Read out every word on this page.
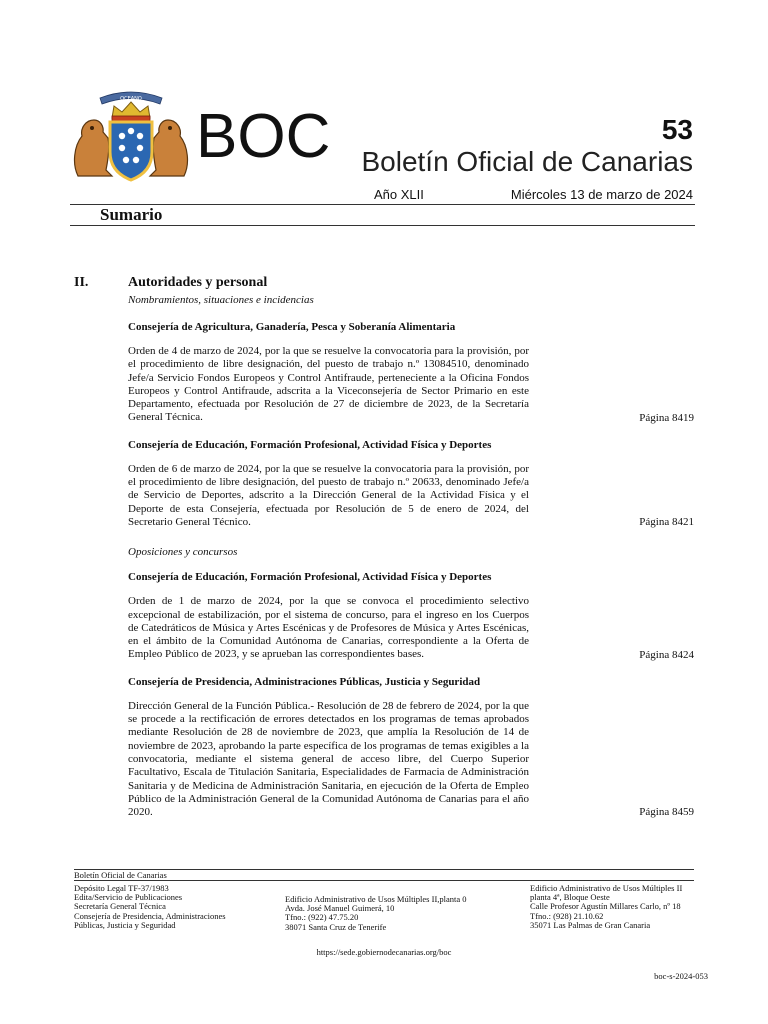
OCEANO
BOC	53
Boletín Oficial de Canarias
Año XLII	Miércoles 13 de marzo de 2024
Sumario
II.	Autoridades y personal
Nombramientos, situaciones e incidencias
Consejería de Agricultura, Ganadería, Pesca y Soberanía Alimentaria
Orden de 4 de marzo de 2024, por la que se resuelve la convocatoria para la provisión, por el procedimiento de libre designación, del puesto de trabajo n.º 13084510, denominado Jefe/a Servicio Fondos Europeos y Control Antifraude, perteneciente a la Oficina Fondos Europeos y Control Antifraude, adscrita a la Viceconsejería de Sector Primario en este Departamento, efectuada por Resolución de 27 de diciembre de 2023, de la Secretaría General Técnica.	Página 8419
Consejería de Educación, Formación Profesional, Actividad Física y Deportes
Orden de 6 de marzo de 2024, por la que se resuelve la convocatoria para la provisión, por el procedimiento de libre designación, del puesto de trabajo n.º 20633, denominado Jefe/a de Servicio de Deportes, adscrito a la Dirección General de la Actividad Física y el Deporte de esta Consejería, efectuada por Resolución de 5 de enero de 2024, del Secretario General Técnico.	Página 8421
Oposiciones y concursos
Consejería de Educación, Formación Profesional, Actividad Física y Deportes
Orden de 1 de marzo de 2024, por la que se convoca el procedimiento selectivo excepcional de estabilización, por el sistema de concurso, para el ingreso en los Cuerpos de Catedráticos de Música y Artes Escénicas y de Profesores de Música y Artes Escénicas, en el ámbito de la Comunidad Autónoma de Canarias, correspondiente a la Oferta de Empleo Público de 2023, y se aprueban las correspondientes bases.	Página 8424
Consejería de Presidencia, Administraciones Públicas, Justicia y Seguridad
Dirección General de la Función Pública.- Resolución de 28 de febrero de 2024, por la que se procede a la rectificación de errores detectados en los programas de temas aprobados mediante Resolución de 28 de noviembre de 2023, que amplía la Resolución de 14 de noviembre de 2023, aprobando la parte específica de los programas de temas exigibles a la convocatoria, mediante el sistema general de acceso libre, del Cuerpo Superior Facultativo, Escala de Titulación Sanitaria, Especialidades de Farmacia de Administración Sanitaria y de Medicina de Administración Sanitaria, en ejecución de la Oferta de Empleo Público de la Administración General de la Comunidad Autónoma de Canarias para el año 2020.	Página 8459
Boletín Oficial de Canarias
Depósito Legal TF-37/1983
Edita/Servicio de Publicaciones
Secretaría General Técnica
Consejería de Presidencia, Administraciones
Públicas, Justicia y Seguridad
Edificio Administrativo de Usos Múltiples II,planta 0
Avda. José Manuel Guimerá, 10
Tfno.: (922) 47.75.20
38071 Santa Cruz de Tenerife
Edificio Administrativo de Usos Múltiples II
planta 4ª, Bloque Oeste
Calle Profesor Agustín Millares Carlo, nº 18
Tfno.: (928) 21.10.62
35071 Las Palmas de Gran Canaria
https://sede.gobiernodecanarias.org/boc
boc-s-2024-053
